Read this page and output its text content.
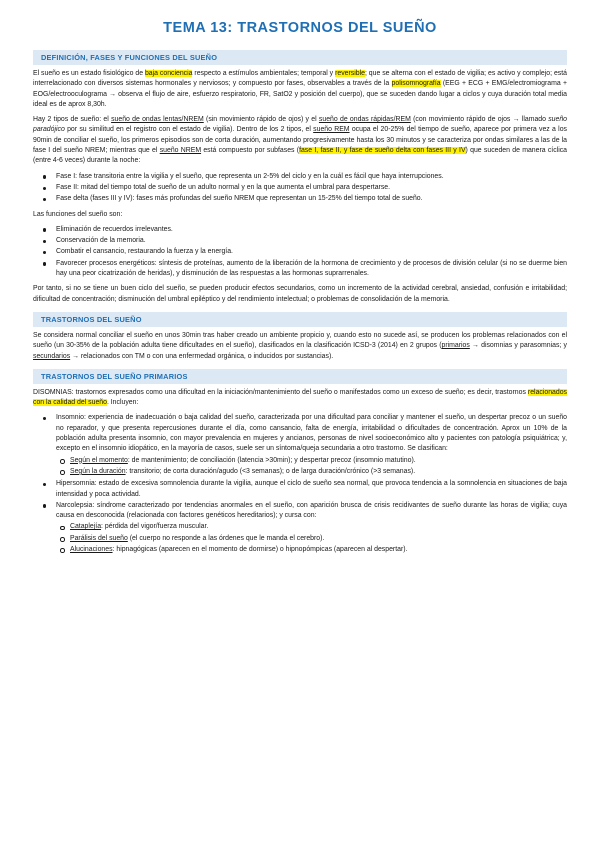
TEMA 13: TRASTORNOS DEL SUEÑO
DEFINICIÓN, FASES Y FUNCIONES DEL SUEÑO

El sueño es un estado fisiológico de baja conciencia respecto a estímulos ambientales; temporal y reversible; que se alterna con el estado de vigilia; es activo y complejo; está interrelacionado con diversos sistemas hormonales y nerviosos; y compuesto por fases, observables a través de la polisomnografía (EEG + ECG + EMG/electromiograma + EOG/electrooculograma → observa el flujo de aire, esfuerzo respiratorio, FR, SatO2 y posición del cuerpo), que se suceden dando lugar a ciclos y cuya duración total media ideal es de aprox 8,30h.

Hay 2 tipos de sueño: el sueño de ondas lentas/NREM (sin movimiento rápido de ojos) y el sueño de ondas rápidas/REM (con movimiento rápido de ojos → llamado sueño paradójico por su similitud en el registro con el estado de vigilia). Dentro de los 2 tipos, el sueño REM ocupa el 20-25% del tiempo de sueño, aparece por primera vez a los 90min de conciliar el sueño, los primeros episodios son de corta duración, aumentando progresivamente hasta los 30 minutos y se caracteriza por ondas similares a las de la fase I del sueño NREM; mientras que el sueño NREM está compuesto por subfases (fase I, fase II, y fase de sueño delta con fases III y IV) que suceden de manera cíclica (entre 4-6 veces) durante la noche:

Fase I: fase transitoria entre la vigilia y el sueño, que representa un 2-5% del ciclo y en la cuál es fácil que haya interrupciones.
Fase II: mitad del tiempo total de sueño de un adulto normal y en la que aumenta el umbral para despertarse.
Fase delta (fases III y IV): fases más profundas del sueño NREM que representan un 15-25% del tiempo total de sueño.

Las funciones del sueño son:

Eliminación de recuerdos irrelevantes.
Conservación de la memoria.
Combatir el cansancio, restaurando la fuerza y la energía.
Favorecer procesos energéticos: síntesis de proteínas, aumento de la liberación de la hormona de crecimiento y de procesos de división celular (si no se duerme bien hay una peor cicatrización de heridas), y disminución de las respuestas a las hormonas suprarrenales.

Por tanto, si no se tiene un buen ciclo del sueño, se pueden producir efectos secundarios, como un incremento de la actividad cerebral, ansiedad, confusión e irritabilidad; dificultad de concentración; disminución del umbral epiléptico y del rendimiento intelectual; o problemas de consolidación de la memoria.

TRASTORNOS DEL SUEÑO

Se considera normal conciliar el sueño en unos 30min tras haber creado un ambiente propicio y, cuando esto no sucede así, se producen los problemas relacionados con el sueño (un 30-35% de la población adulta tiene dificultades en el sueño), clasificados en la clasificación ICSD-3 (2014) en 2 grupos (primarios → disomnias y parasomnias; y secundarios → relacionados con TM o con una enfermedad orgánica, o inducidos por sustancias).

TRASTORNOS DEL SUEÑO PRIMARIOS

DISOMNIAS: trastornos expresados como una dificultad en la iniciación/mantenimiento del sueño o manifestados como un exceso de sueño; es decir, trastornos relacionados con la calidad del sueño. Incluyen:

Insomnio: experiencia de inadecuación o baja calidad del sueño, caracterizada por una dificultad para conciliar y mantener el sueño, un despertar precoz o un sueño no reparador, y que presenta repercusiones durante el día, como cansancio, falta de energía, irritabilidad o dificultades de concentración. Aprox un 10% de la población adulta presenta insomnio, con mayor prevalencia en mujeres y ancianos, personas de nivel socioeconómico alto y pacientes con patología psiquiátrica; y, excepto en el insomnio idiopático, en la mayoría de casos, suele ser un síntoma/queja secundaria a otro trastorno. Se clasifican:
Según el momento: de mantenimiento; de conciliación (latencia >30min); y despertar precoz (insomnio matutino).
Según la duración: transitorio; de corta duración/agudo (<3 semanas); o de larga duración/crónico (>3 semanas).
Hipersomnia: estado de excesiva somnolencia durante la vigilia, aunque el ciclo de sueño sea normal, que provoca tendencia a la somnolencia en situaciones de baja intensidad y poca actividad.
Narcolepsia: síndrome caracterizado por tendencias anormales en el sueño, con aparición brusca de crisis recidivantes de sueño durante las horas de vigilia; cuya causa en desconocida (relacionada con factores genéticos hereditarios); y cursa con:
Cataplejía: pérdida del vigor/fuerza muscular.
Parálisis del sueño (el cuerpo no responde a las órdenes que le manda el cerebro).
Alucinaciones: hipnagógicas (aparecen en el momento de dormirse) o hipnopómpicas (aparecen al despertar).
